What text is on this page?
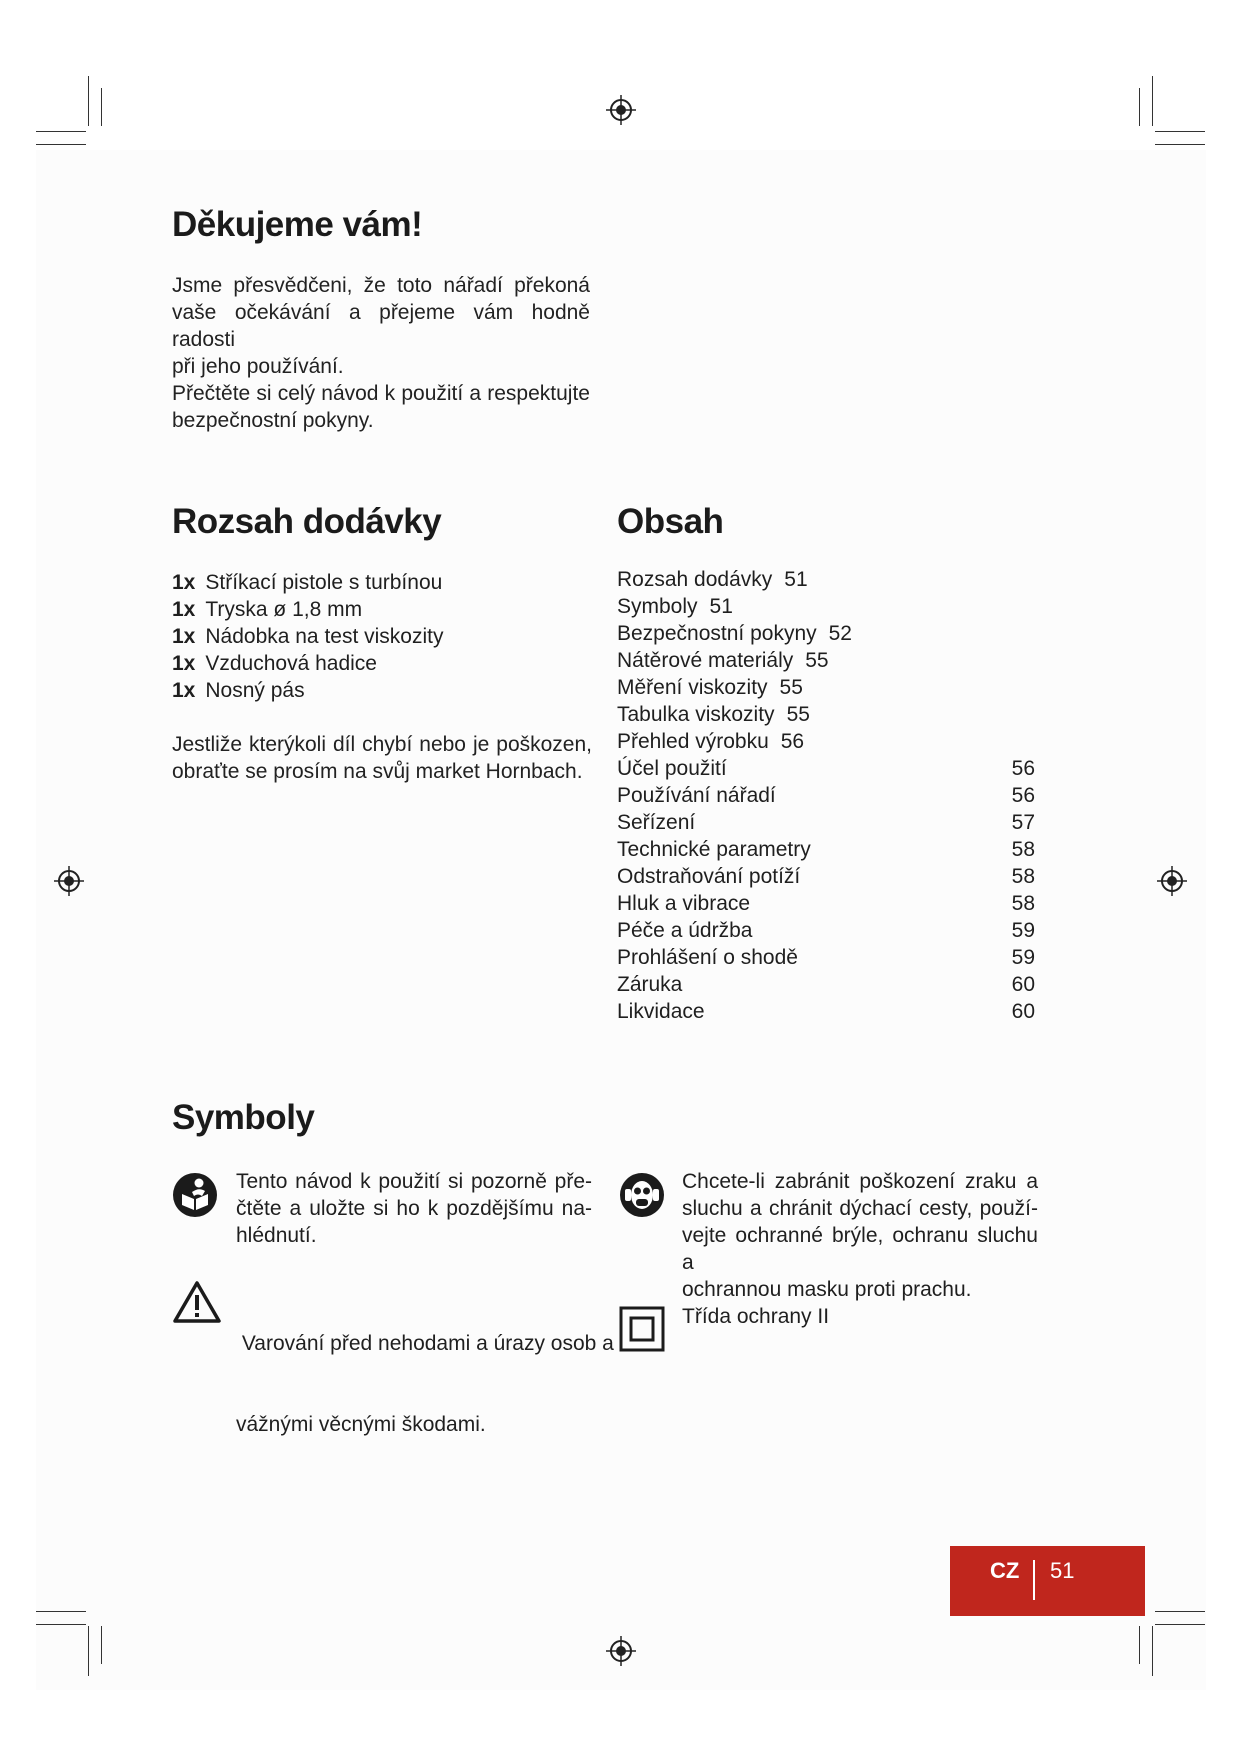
Děkujeme vám!

Jsme přesvědčeni, že toto nářadí překoná
vaše očekávání a přejeme vám hodně radosti
při jeho používání.
Přečtěte si celý návod k použití a respektujte
bezpečnostní pokyny.

Rozsah dodávky
1x Stříkací pistole s turbínou
1x Tryska ø 1,8 mm
1x Nádobka na test viskozity
1x Vzduchová hadice
1x Nosný pás

Jestliže kterýkoli díl chybí nebo je poškozen,
obraťte se prosím na svůj market Hornbach.

Obsah
Rozsah dodávky 51
Symboly 51
Bezpečnostní pokyny 52
Nátěrové materiály 55
Měření viskozity 55
Tabulka viskozity 55
Přehled výrobku 56
Účel použití	56
Používání nářadí	56
Seřízení	57
Technické parametry	58
Odstraňování potíží	58
Hluk a vibrace	58
Péče a údržba	59
Prohlášení o shodě	59
Záruka	60
Likvidace	60
Symboly

Tento návod k použití si pozorně pře-
čtěte a uložte si ho k pozdějšímu na-
hlédnutí.

Chcete-li zabránit poškození zraku a
sluchu a chránit dýchací cesty, použí-
vejte ochranné brýle, ochranu sluchu a
ochrannou masku proti prachu.

Varování před nehodami a úrazy osob a

vážnými věcnými škodami.

Třída ochrany II

CZ 51
